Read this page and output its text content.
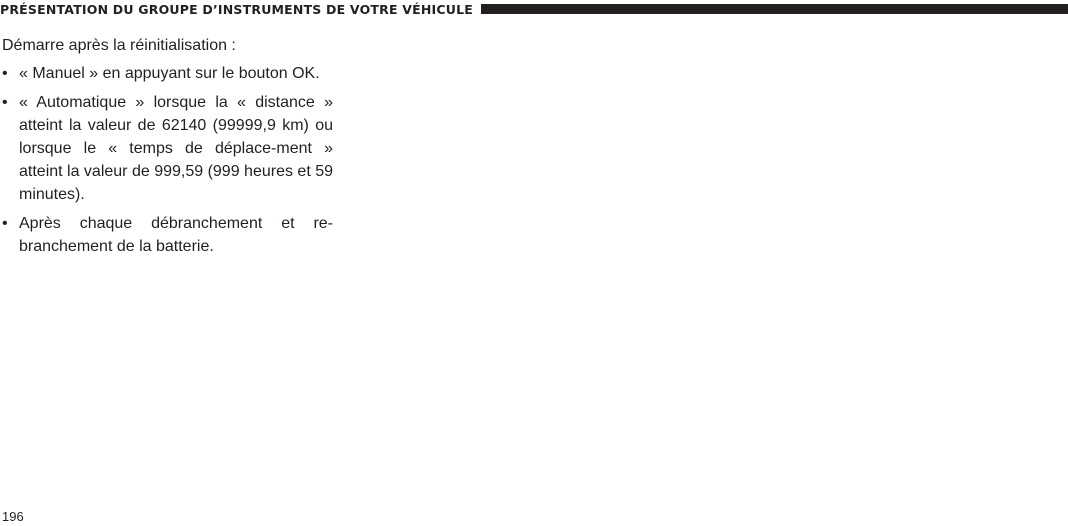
PRÉSENTATION DU GROUPE D’INSTRUMENTS DE VOTRE VÉHICULE

Démarre après la réinitialisation :

• « Manuel » en appuyant sur le bouton OK.
• « Automatique » lorsque la « distance » atteint la valeur de 62140 (99999,9 km) ou lorsque le « temps de déplace-ment » atteint la valeur de 999,59 (999 heures et 59 minutes).
• Après chaque débranchement et re-branchement de la batterie.
196
